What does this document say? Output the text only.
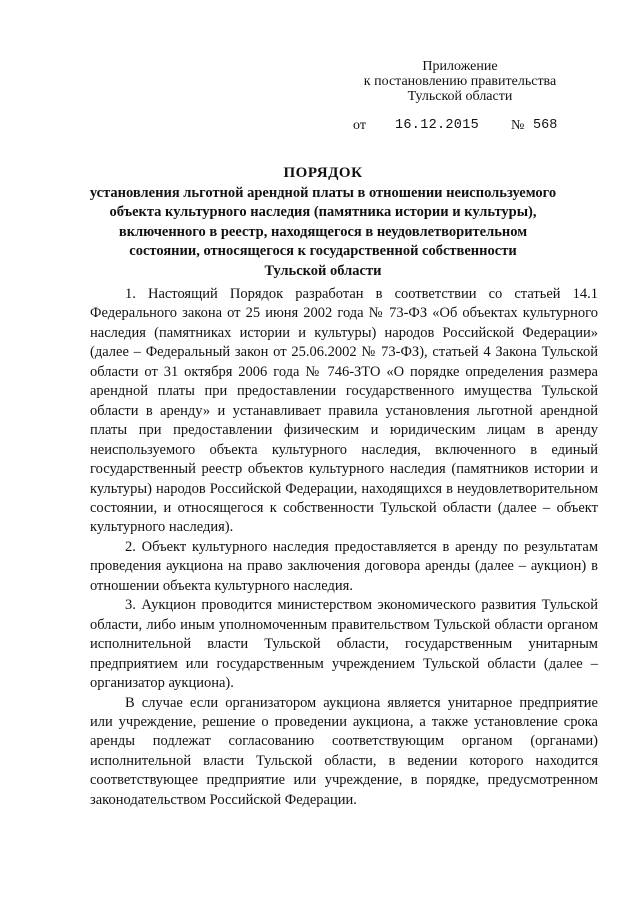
Приложение
к постановлению правительства
Тульской области
от 16.12.2015 № 568
ПОРЯДОК
установления льготной арендной платы в отношении неиспользуемого
объекта культурного наследия (памятника истории и культуры),
включенного в реестр, находящегося в неудовлетворительном
состоянии, относящегося к государственной собственности
Тульской области

1. Настоящий Порядок разработан в соответствии со статьей 14.1 Федерального закона от 25 июня 2002 года № 73-ФЗ «Об объектах культурного наследия (памятниках истории и культуры) народов Российской Федерации» (далее – Федеральный закон от 25.06.2002 № 73-ФЗ), статьей 4 Закона Тульской области от 31 октября 2006 года № 746-ЗТО «О порядке определения размера арендной платы при предоставлении государственного имущества Тульской области в аренду» и устанавливает правила установления льготной арендной платы при предоставлении физическим и юридическим лицам в аренду неиспользуемого объекта культурного наследия, включенного в единый государственный реестр объектов культурного наследия (памятников истории и культуры) народов Российской Федерации, находящихся в неудовлетворительном состоянии, и относящегося к собственности Тульской области (далее – объект культурного наследия).

2. Объект культурного наследия предоставляется в аренду по результатам проведения аукциона на право заключения договора аренды (далее – аукцион) в отношении объекта культурного наследия.

3. Аукцион проводится министерством экономического развития Тульской области, либо иным уполномоченным правительством Тульской области органом исполнительной власти Тульской области, государственным унитарным предприятием или государственным учреждением Тульской области (далее – организатор аукциона).

В случае если организатором аукциона является унитарное предприятие или учреждение, решение о проведении аукциона, а также установление срока аренды подлежат согласованию соответствующим органом (органами) исполнительной власти Тульской области, в ведении которого находится соответствующее предприятие или учреждение, в порядке, предусмотренном законодательством Российской Федерации.
